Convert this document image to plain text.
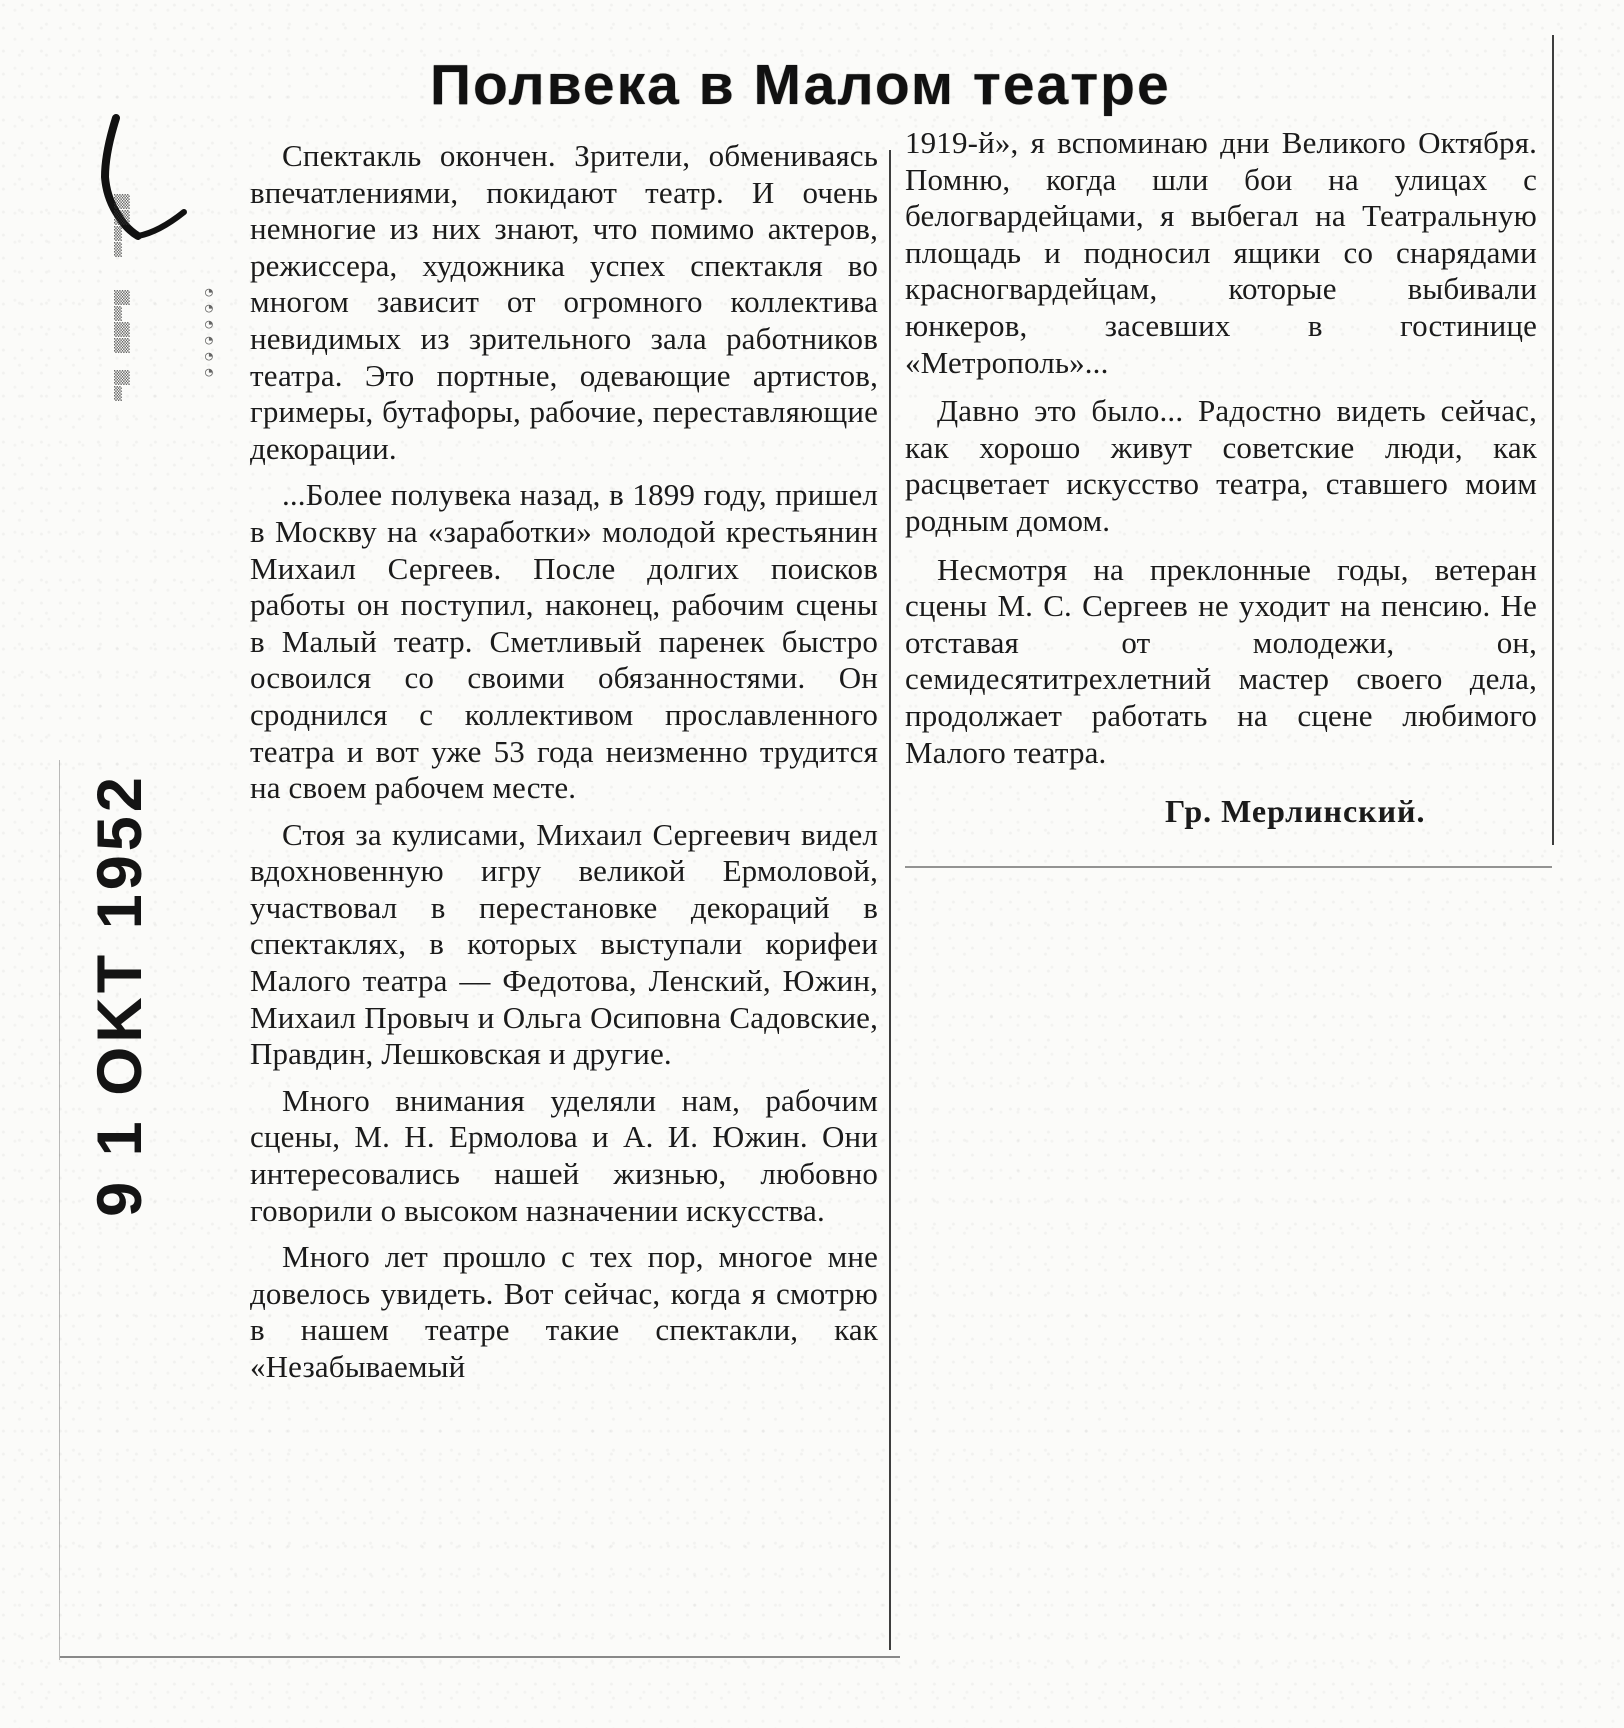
Полвека в Малом театре
▒▒
▒▒
▒
▒

▒▒
▒
▒▒
▒▒

▒▒
▒
◔
◔
◔
◔
◔
◔
9 1 OKT 1952

Спектакль окончен. Зрители, обмениваясь впечатлениями, покидают театр. И очень немногие из них знают, что помимо актеров, режиссера, художника успех спектакля во многом зависит от огромного коллектива невидимых из зрительного зала работников театра. Это портные, одевающие артистов, гримеры, бутафоры, рабочие, переставляющие декорации.

...Более полувека назад, в 1899 году, пришел в Москву на «заработки» молодой крестьянин Михаил Сергеев. После долгих поисков работы он поступил, наконец, рабочим сцены в Малый театр. Сметливый паренек быстро освоился со своими обязанностями. Он сроднился с коллективом прославленного театра и вот уже 53 года неизменно трудится на своем рабочем месте.

Стоя за кулисами, Михаил Сергеевич видел вдохновенную игру великой Ермоловой, участвовал в перестановке декораций в спектаклях, в которых выступали корифеи Малого театра — Федотова, Ленский, Южин, Михаил Провыч и Ольга Осиповна Садовские, Правдин, Лешковская и другие.

Много внимания уделяли нам, рабочим сцены, М. Н. Ермолова и А. И. Южин. Они интересовались нашей жизнью, любовно говорили о высоком назначении искусства.

Много лет прошло с тех пор, многое мне довелось увидеть. Вот сейчас, когда я смотрю в нашем театре такие спектакли, как «Незабываемый

1919-й», я вспоминаю дни Великого Октября. Помню, когда шли бои на улицах с белогвардейцами, я выбегал на Театральную площадь и подносил ящики со снарядами красногвардейцам, которые выбивали юнкеров, засевших в гостинице «Метрополь»...

Давно это было... Радостно видеть сейчас, как хорошо живут советские люди, как расцветает искусство театра, ставшего моим родным домом.

Несмотря на преклонные годы, ветеран сцены М. С. Сергеев не уходит на пенсию. Не отставая от молодежи, он, семидесятитрехлетний мастер своего дела, продолжает работать на сцене любимого Малого театра.

Гр. Мерлинский.
